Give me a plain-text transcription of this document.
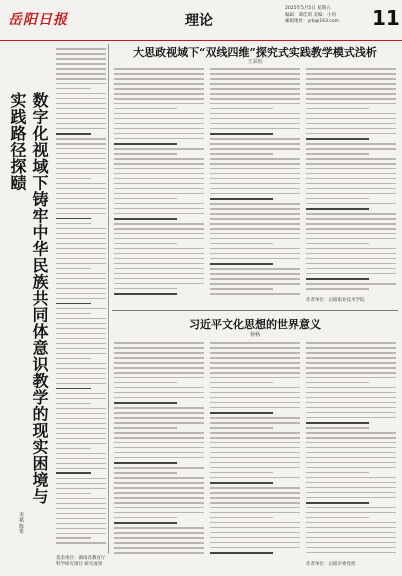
岳阳日报	理论
2025年5月5日 星期五
编辑：谭佳琪 美编：小何
邮箱地址：yrb@163.com 11
数字化视域下铸牢中华民族共同体意识教学的现实困境与实践路径探赜
李斌 陈希
大思政视域下“双线四维”探究式实践教学模式浅析
王采怡
作者单位：岳阳职业技术学院
习近平文化思想的世界意义
杨畅
作者单位：岳阳市委党校
基金项目：湖南省教育厅科学研究项目 研究成果
